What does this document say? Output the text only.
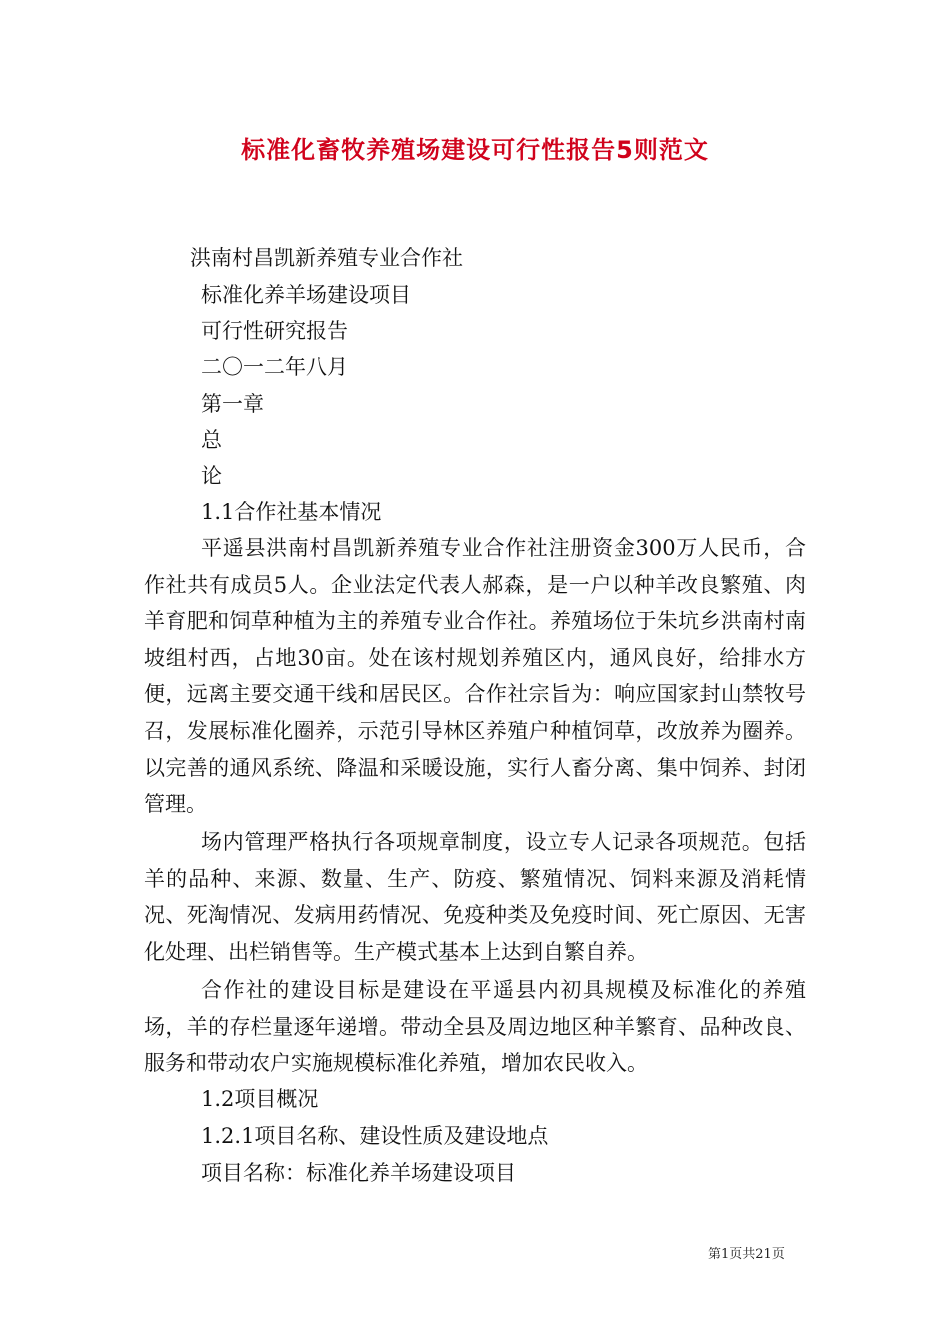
标准化畜牧养殖场建设可行性报告5则范文
洪南村昌凯新养殖专业合作社
标准化养羊场建设项目
可行性研究报告
二〇一二年八月
第一章
总
论
1.1合作社基本情况
平遥县洪南村昌凯新养殖专业合作社注册资金300万人民币，合作社共有成员5人。企业法定代表人郝森，是一户以种羊改良繁殖、肉羊育肥和饲草种植为主的养殖专业合作社。养殖场位于朱坑乡洪南村南坡组村西，占地30亩。处在该村规划养殖区内，通风良好，给排水方便，远离主要交通干线和居民区。合作社宗旨为：响应国家封山禁牧号召，发展标准化圈养，示范引导林区养殖户种植饲草，改放养为圈养。以完善的通风系统、降温和采暖设施，实行人畜分离、集中饲养、封闭管理。
场内管理严格执行各项规章制度，设立专人记录各项规范。包括羊的品种、来源、数量、生产、防疫、繁殖情况、饲料来源及消耗情况、死淘情况、发病用药情况、免疫种类及免疫时间、死亡原因、无害化处理、出栏销售等。生产模式基本上达到自繁自养。
合作社的建设目标是建设在平遥县内初具规模及标准化的养殖场，羊的存栏量逐年递增。带动全县及周边地区种羊繁育、品种改良、服务和带动农户实施规模标准化养殖，增加农民收入。
1.2项目概况
1.2.1项目名称、建设性质及建设地点
项目名称：标准化养羊场建设项目
第1页共21页
